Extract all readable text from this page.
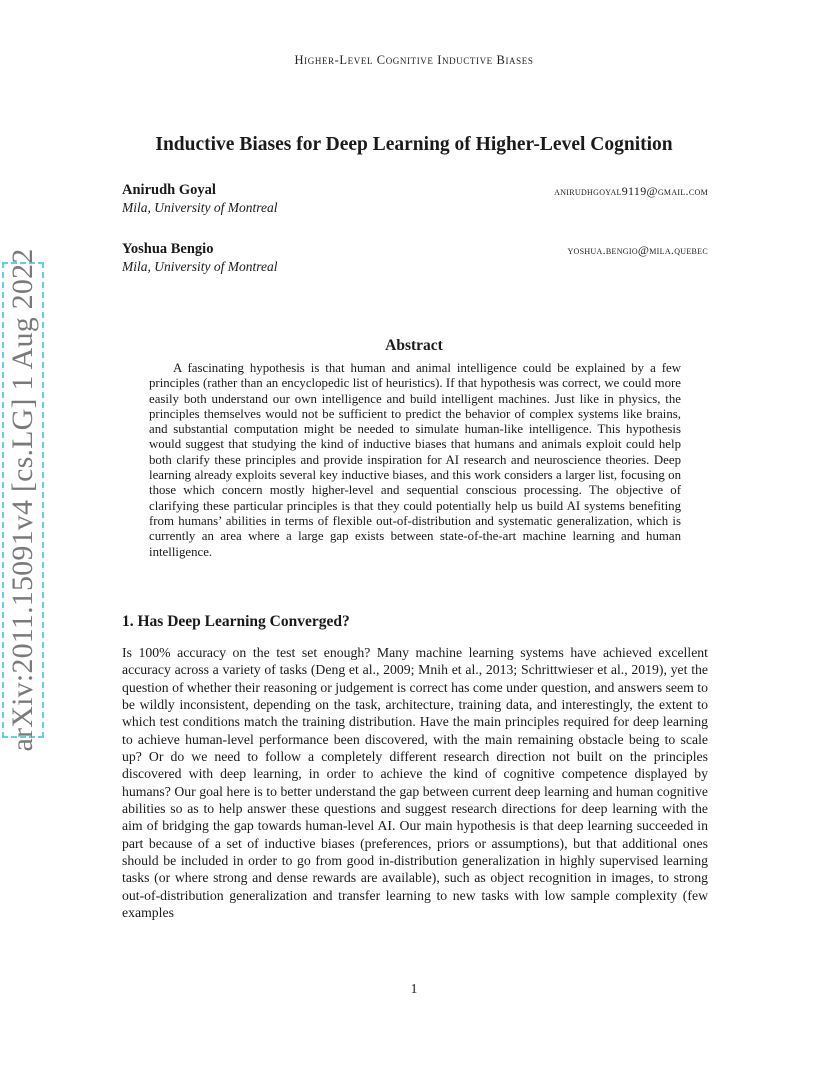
Higher-Level Cognitive Inductive Biases
Inductive Biases for Deep Learning of Higher-Level Cognition
Anirudh Goyal
Mila, University of Montreal
anirudhgoyal9119@gmail.com
Yoshua Bengio
Mila, University of Montreal
yoshua.bengio@mila.quebec
arXiv:2011.15091v4 [cs.LG] 1 Aug 2022	Abstract
A fascinating hypothesis is that human and animal intelligence could be explained by a few principles (rather than an encyclopedic list of heuristics). If that hypothesis was correct, we could more easily both understand our own intelligence and build intelligent machines. Just like in physics, the principles themselves would not be sufficient to predict the behavior of complex systems like brains, and substantial computation might be needed to simulate human-like intelligence. This hypothesis would suggest that studying the kind of inductive biases that humans and animals exploit could help both clarify these principles and provide inspiration for AI research and neuroscience theories. Deep learning already exploits several key inductive biases, and this work considers a larger list, focusing on those which concern mostly higher-level and sequential conscious processing. The objective of clarifying these particular principles is that they could potentially help us build AI systems benefiting from humans’ abilities in terms of flexible out-of-distribution and systematic generalization, which is currently an area where a large gap exists between state-of-the-art machine learning and human intelligence.
1. Has Deep Learning Converged?
Is 100% accuracy on the test set enough? Many machine learning systems have achieved excellent accuracy across a variety of tasks (Deng et al., 2009; Mnih et al., 2013; Schrittwieser et al., 2019), yet the question of whether their reasoning or judgement is correct has come under question, and answers seem to be wildly inconsistent, depending on the task, architecture, training data, and interestingly, the extent to which test conditions match the training distribution. Have the main principles required for deep learning to achieve human-level performance been discovered, with the main remaining obstacle being to scale up? Or do we need to follow a completely different research direction not built on the principles discovered with deep learning, in order to achieve the kind of cognitive competence displayed by humans? Our goal here is to better understand the gap between current deep learning and human cognitive abilities so as to help answer these questions and suggest research directions for deep learning with the aim of bridging the gap towards human-level AI. Our main hypothesis is that deep learning succeeded in part because of a set of inductive biases (preferences, priors or assumptions), but that additional ones should be included in order to go from good in-distribution generalization in highly supervised learning tasks (or where strong and dense rewards are available), such as object recognition in images, to strong out-of-distribution generalization and transfer learning to new tasks with low sample complexity (few examples
1
